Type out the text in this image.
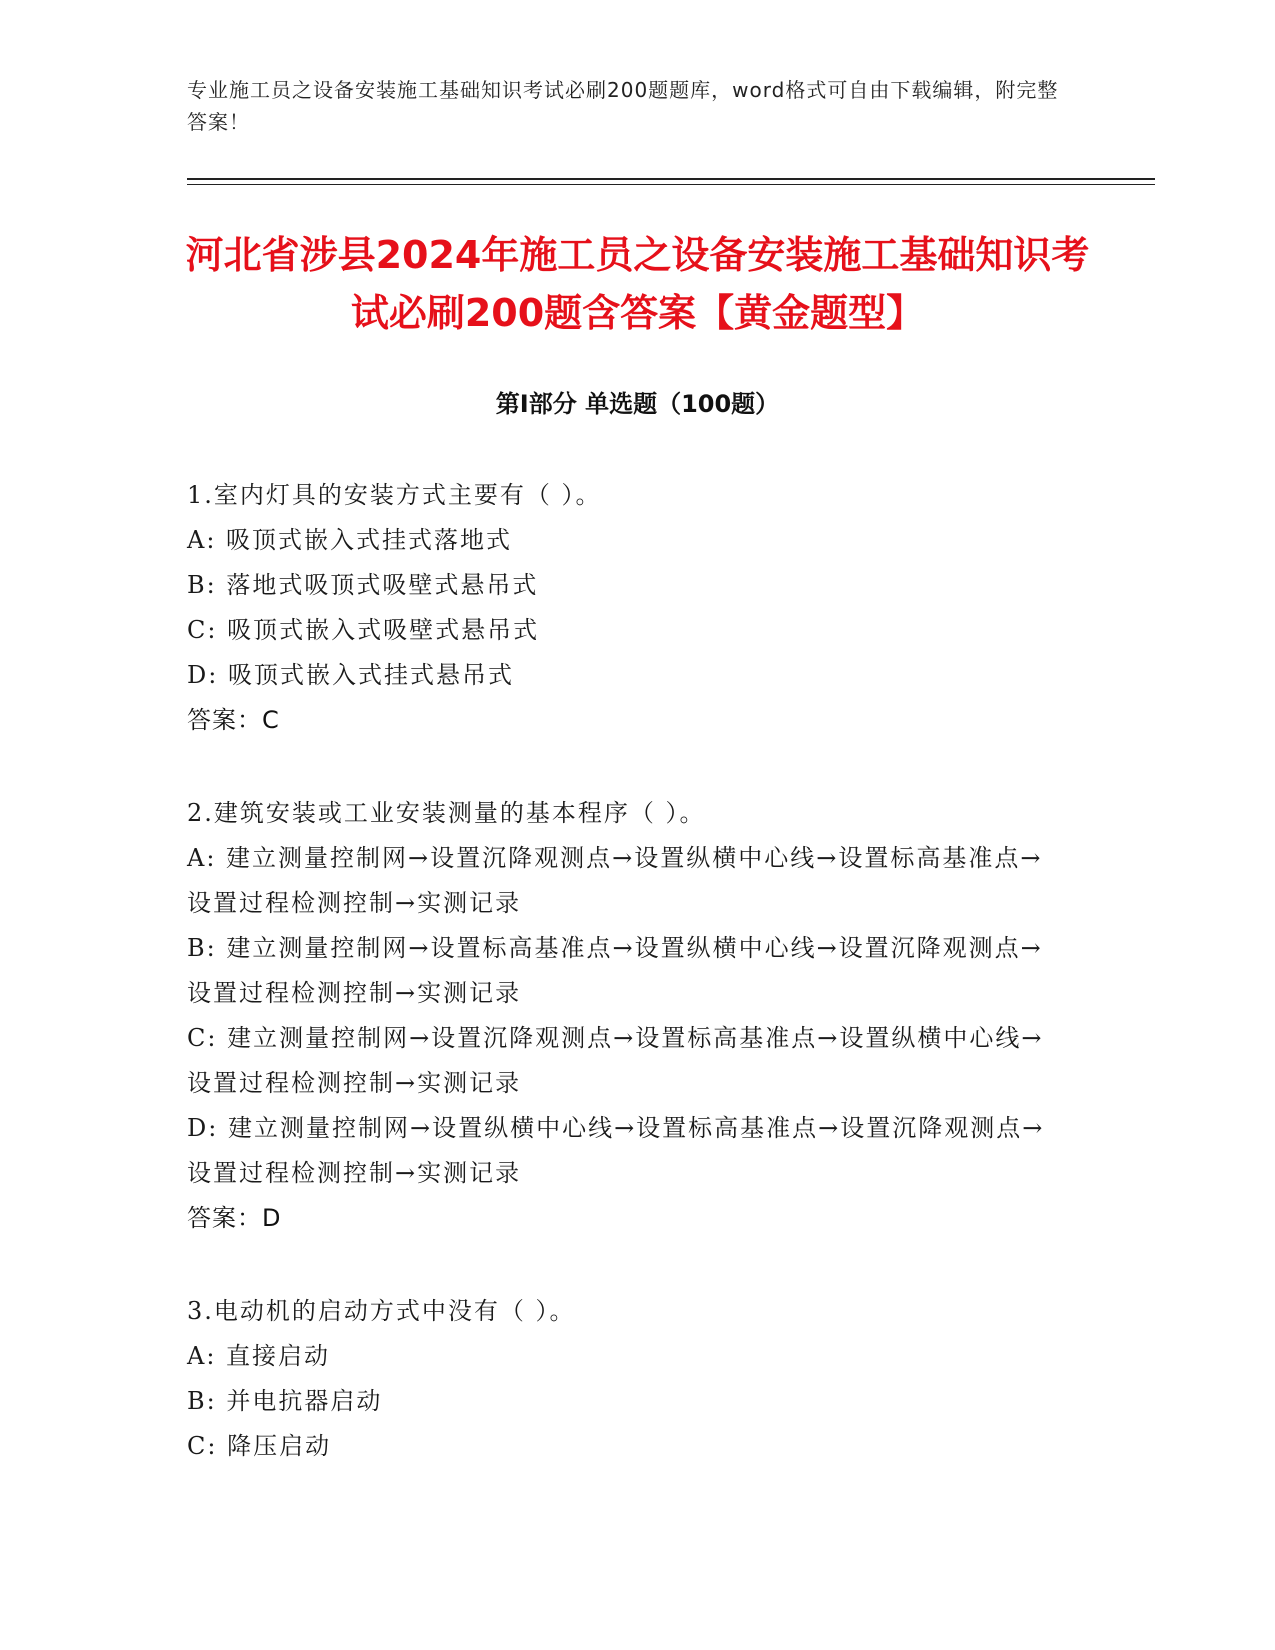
专业施工员之设备安装施工基础知识考试必刷200题题库，word格式可自由下载编辑，附完整答案！
河北省涉县2024年施工员之设备安装施工基础知识考试必刷200题含答案【黄金题型】
第I部分 单选题（100题）
1.室内灯具的安装方式主要有（ ）。
A: 吸顶式嵌入式挂式落地式
B: 落地式吸顶式吸壁式悬吊式
C: 吸顶式嵌入式吸壁式悬吊式
D: 吸顶式嵌入式挂式悬吊式
答案：C
2.建筑安装或工业安装测量的基本程序（ ）。
A: 建立测量控制网→设置沉降观测点→设置纵横中心线→设置标高基准点→设置过程检测控制→实测记录
B: 建立测量控制网→设置标高基准点→设置纵横中心线→设置沉降观测点→设置过程检测控制→实测记录
C: 建立测量控制网→设置沉降观测点→设置标高基准点→设置纵横中心线→设置过程检测控制→实测记录
D: 建立测量控制网→设置纵横中心线→设置标高基准点→设置沉降观测点→设置过程检测控制→实测记录
答案：D
3.电动机的启动方式中没有（ ）。
A: 直接启动
B: 并电抗器启动
C: 降压启动
